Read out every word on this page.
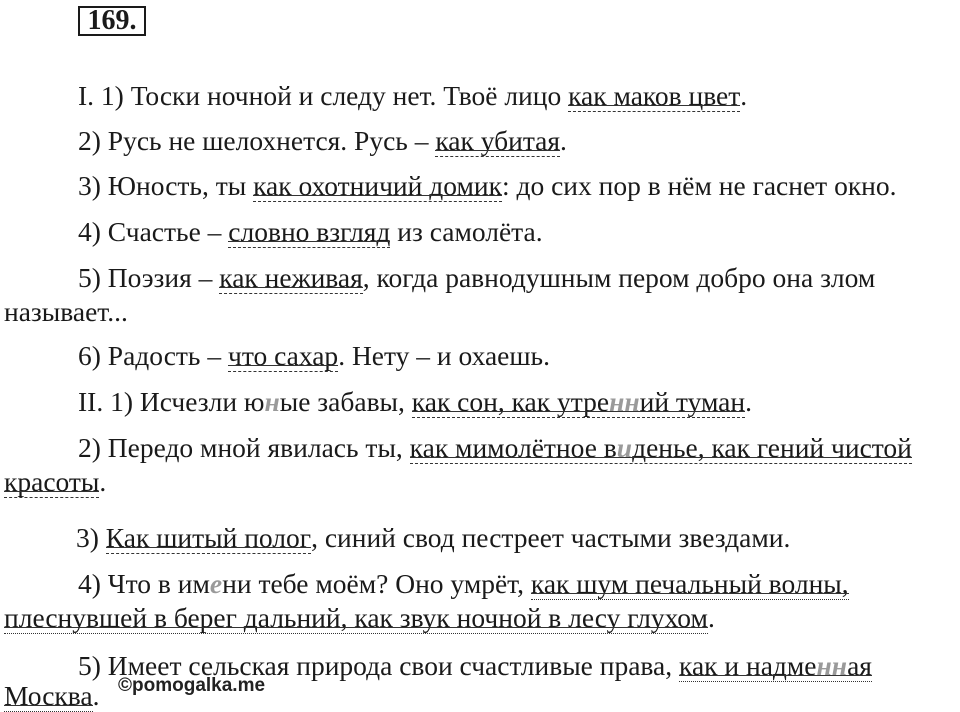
169.
I. 1) Тоски ночной и следу нет. Твоё лицо как маков цвет.
2) Русь не шелохнется. Русь – как убитая.
3) Юность, ты как охотничий домик: до сих пор в нём не гаснет окно.
4) Счастье – словно взгляд из самолёта.
5) Поэзия – как неживая, когда равнодушным пером добро она злом
называет...
6) Радость – что сахар. Нету – и охаешь.
II. 1) Исчезли юные забавы, как сон, как утренний туман.
2) Передо мной явилась ты, как мимолётное виденье, как гений чистой
красоты.
3) Как шитый полог, синий свод пестреет частыми звездами.
4) Что в имени тебе моём? Оно умрёт, как шум печальный волны,
плеснувшей в берег дальний, как звук ночной в лесу глухом.
5) Имеет сельская природа свои счастливые права, как и надменная
Москва. ©pomogalka.me
